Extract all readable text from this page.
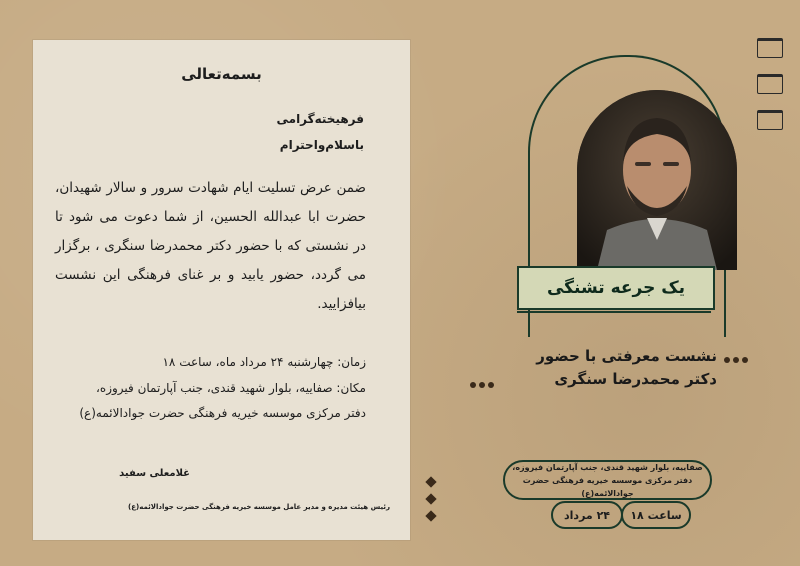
بسمه‌تعالی
فرهیخته‌گرامی
باسلام‌واحترام
ضمن عرض تسلیت ایام شهادت سرور و سالار شهیدان، حضرت ابا عبدالله الحسین، از شما دعوت می شود تا در نشستی که با حضور دکتر محمدرضا سنگری ، برگزار می گردد، حضور یابید و بر غنای فرهنگی این نشست بیافزایید.
زمان: چهارشنبه ۲۴ مرداد ماه، ساعت ۱۸
مکان: صفاییه، بلوار شهید قندی، جنب آپارتمان فیروزه،
دفتر مرکزی موسسه خیریه فرهنگی حضرت جوادالائمه(ع)
غلامعلی سفید
رئیس هیئت مدیره و مدیر عامل موسسه خیریه فرهنگی حضرت جوادالائمه(ع)
یک جرعه تشنگی
نشست معرفتی با حضور
دکتر محمدرضا سنگری
صفاییه، بلوار شهید قندی، جنب آپارتمان فیروزه،
دفتر مرکزی موسسه خیریه فرهنگی حضرت جوادالائمه(ع)
۲۴ مرداد	ساعت ۱۸
